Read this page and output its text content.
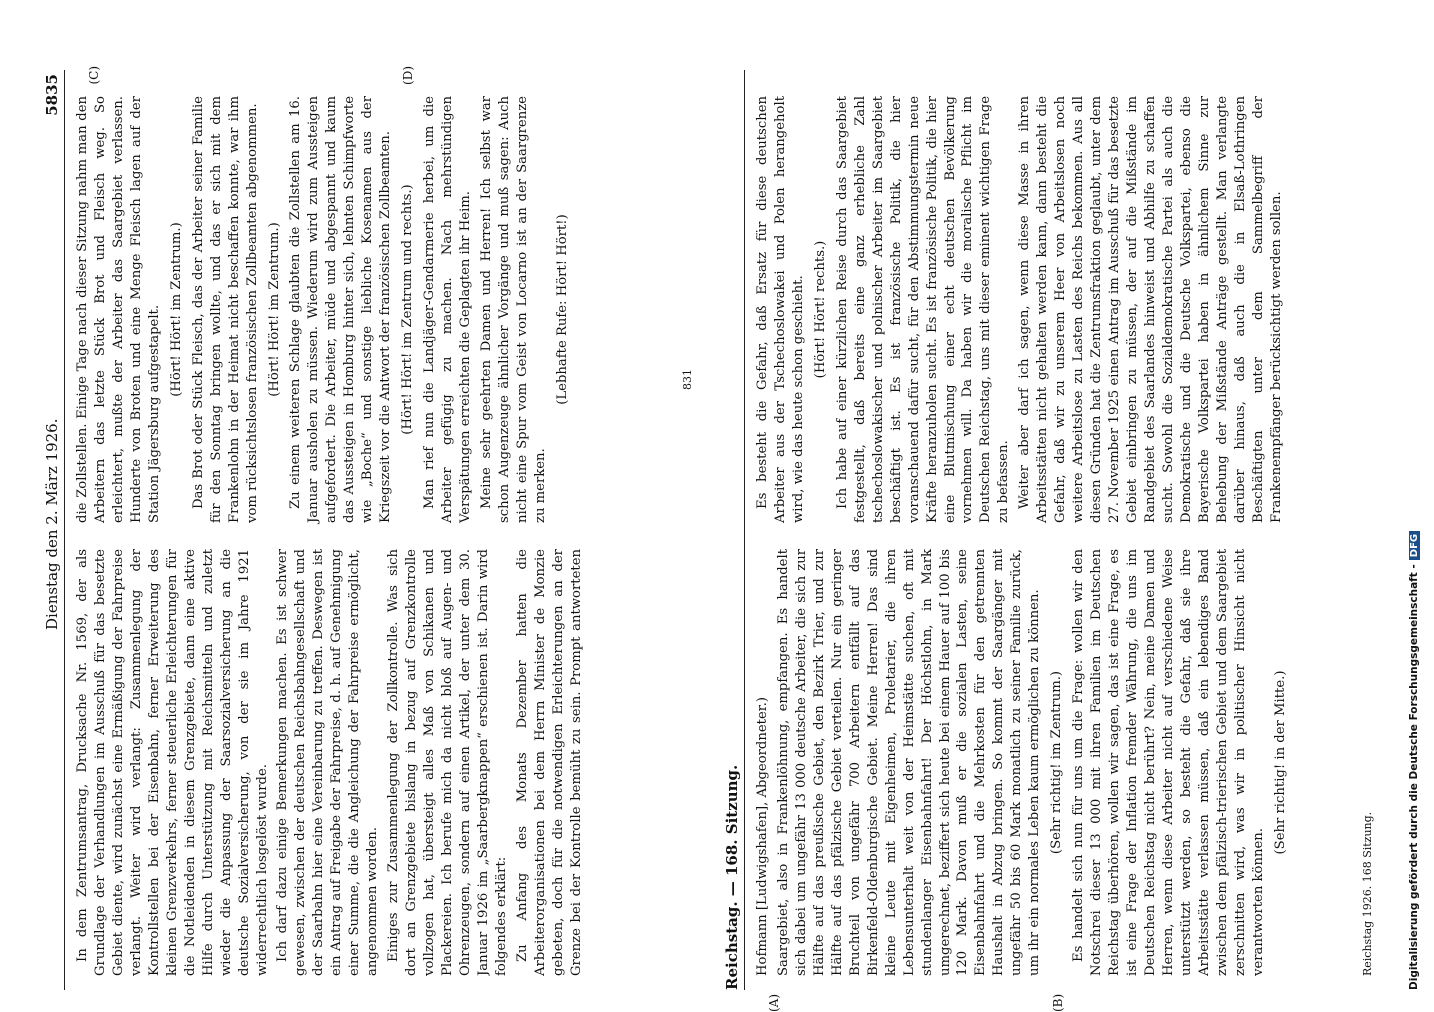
Dienstag den 2. März 1926.
5835 (C)	(D)

In dem Zentrumsantrag, Drucksache Nr. 1569, der als Grundlage der Verhandlungen im Ausschuß für das besetzte Gebiet diente, wird zunächst eine Ermäßigung der Fahrpreise verlangt. Weiter wird verlangt: Zusammenlegung der Kontrollstellen bei der Eisenbahn, ferner Erweiterung des kleinen Grenzverkehrs, ferner steuerliche Erleichterungen für die Notleidenden in diesem Grenzgebiete, dann eine aktive Hilfe durch Unterstützung mit Reichsmitteln und zuletzt wieder die Anpassung der Saarsozialversicherung an die deutsche Sozialversicherung, von der sie im Jahre 1921 widerrechtlich losgelöst wurde. Ich darf dazu einige Bemerkungen machen. Es ist schwer gewesen, zwischen der deutschen Reichsbahngesellschaft und der Saarbahn hier eine Vereinbarung zu treffen. Deswegen ist ein Antrag auf Freigabe der Fahrpreise, d. h. auf Genehmigung einer Summe, die die Angleichung der Fahrpreise ermöglicht, angenommen worden. Einiges zur Zusammenlegung der Zollkontrolle. Was sich dort an Grenzgebiete bislang in bezug auf Grenzkontrolle vollzogen hat, übersteigt alles Maß von Schikanen und Plackereien. Ich berufe mich da nicht bloß auf Augen- und Ohrenzeugen, sondern auf einen Artikel, der unter dem 30. Januar 1926 im „Saarbergknappen“ erschienen ist. Darin wird folgendes erklärt: Zu Anfang des Monats Dezember hatten die Arbeiterorganisationen bei dem Herrn Minister de Monzie gebeten, doch für die notwendigen Erleichterungen an der Grenze bei der Kontrolle bemüht zu sein. Prompt antworteten die Zollstellen. Einige Tage nach dieser Sitzung nahm man den Arbeitern das letzte Stück Brot und Fleisch weg. So erleichtert, mußte der Arbeiter das Saargebiet verlassen. Hunderte von Broten und eine Menge Fleisch lagen auf der Station Jägersburg aufgestapelt. (Hört! Hört! im Zentrum.) Das Brot oder Stück Fleisch, das der Arbeiter seiner Familie für den Sonntag bringen wollte, und das er sich mit dem Frankenlohn in der Heimat nicht beschaffen konnte, war ihm vom rücksichtslosen französischen Zollbeamten abgenommen. (Hört! Hört! im Zentrum.) Zu einem weiteren Schlage glaubten die Zollstellen am 16. Januar ausholen zu müssen. Wiederum wird zum Aussteigen aufgefordert. Die Arbeiter, müde und abgespannt und kaum das Aussteigen in Homburg hinter sich, lehnten Schimpfworte wie „Boche“ und sonstige liebliche Kosenamen aus der Kriegszeit vor die Antwort der französischen Zollbeamten. (Hört! Hört! im Zentrum und rechts.) Man rief nun die Landjäger-Gendarmerie herbei, um die Arbeiter gefügig zu machen. Nach mehrstündigen Verspätungen erreichten die Geplagten ihr Heim. Meine sehr geehrten Damen und Herren! Ich selbst war schon Augenzeuge ähnlicher Vorgänge und muß sagen: Auch nicht eine Spur vom Geist von Locarno ist an der Saargrenze zu merken.

(Lebhafte Rufe: Hört! Hört!)	831
Reichstag. — 168. Sitzung.
(A)	(B)

Hofmann [Ludwigshafen], Abgeordneter.) Saargebiet, also in Frankenlöhnung, empfangen. Es handelt sich dabei um ungefähr 13 000 deutsche Arbeiter, die sich zur Hälfte auf das preußische Gebiet, den Bezirk Trier, und zur Hälfte auf das pfälzische Gebiet verteilen. Nur ein geringer Bruchteil von ungefähr 700 Arbeitern entfällt auf das Birkenfeld-Oldenburgische Gebiet. Meine Herren! Das sind kleine Leute mit Eigenheimen, Proletarier, die ihren Lebensunterhalt weit von der Heimstätte suchen, oft mit stundenlanger Eisenbahnfahrt! Der Höchstlohn, in Mark umgerechnet, beziffert sich heute bei einem Hauer auf 100 bis 120 Mark. Davon muß er die sozialen Lasten, seine Eisenbahnfahrt und die Mehrkosten für den getrennten Haushalt in Abzug bringen. So kommt der Saargänger mit ungefähr 50 bis 60 Mark monatlich zu seiner Familie zurück, um ihr ein normales Leben kaum ermöglichen zu können. (Sehr richtig! im Zentrum.) Es handelt sich nun für uns um die Frage: wollen wir den Notschrei dieser 13 000 mit ihren Familien im Deutschen Reichstag überhören, wollen wir sagen, das ist eine Frage, es ist eine Frage der Inflation fremder Währung, die uns im Deutschen Reichstag nicht berührt? Nein, meine Damen und Herren, wenn diese Arbeiter nicht auf verschiedene Weise unterstützt werden, so besteht die Gefahr, daß sie ihre Arbeitsstätte verlassen müssen, daß ein lebendiges Band zwischen dem pfälzisch-trierischen Gebiet und dem Saargebiet zerschnitten wird, was wir in politischer Hinsicht nicht verantworten können.

(Sehr richtig! in der Mitte.)

Es besteht die Gefahr, daß Ersatz für diese deutschen Arbeiter aus der Tschechoslowakei und Polen herangeholt wird, wie das heute schon geschieht. (Hört! Hört! rechts.) Ich habe auf einer kürzlichen Reise durch das Saargebiet festgestellt, daß bereits eine ganz erhebliche Zahl tschechoslowakischer und polnischer Arbeiter im Saargebiet beschäftigt ist. Es ist französische Politik, die hier voranschauend dafür sucht, für den Abstimmungstermin neue Kräfte heranzuholen sucht. Es ist französische Politik, die hier eine Blutmischung einer echt deutschen Bevölkerung vornehmen will. Da haben wir die moralische Pflicht im Deutschen Reichstag, uns mit dieser eminent wichtigen Frage zu befassen. Weiter aber darf ich sagen, wenn diese Masse in ihren Arbeitsstätten nicht gehalten werden kann, dann besteht die Gefahr, daß wir zu unserem Heer von Arbeitslosen noch weitere Arbeitslose zu Lasten des Reichs bekommen. Aus all diesen Gründen hat die Zentrumsfraktion geglaubt, unter dem 27. November 1925 einen Antrag im Ausschuß für das besetzte Gebiet einbringen zu müssen, der auf die Mißstände im Randgebiet des Saarlandes hinweist und Abhilfe zu schaffen sucht. Sowohl die Sozialdemokratische Partei als auch die Demokratische und die Deutsche Volkspartei, ebenso die Bayerische Volkspartei haben in ähnlichem Sinne zur Behebung der Mißstände Anträge gestellt. Man verlangte darüber hinaus, daß auch die in Elsaß-Lothringen Beschäftigten unter dem Sammelbegriff der Frankenempfänger berücksichtigt werden sollen.

Reichstag 1926. 168 Sitzung.	Digitalisierung gefördert durch die Deutsche Forschungsgemeinschaft -DFG
